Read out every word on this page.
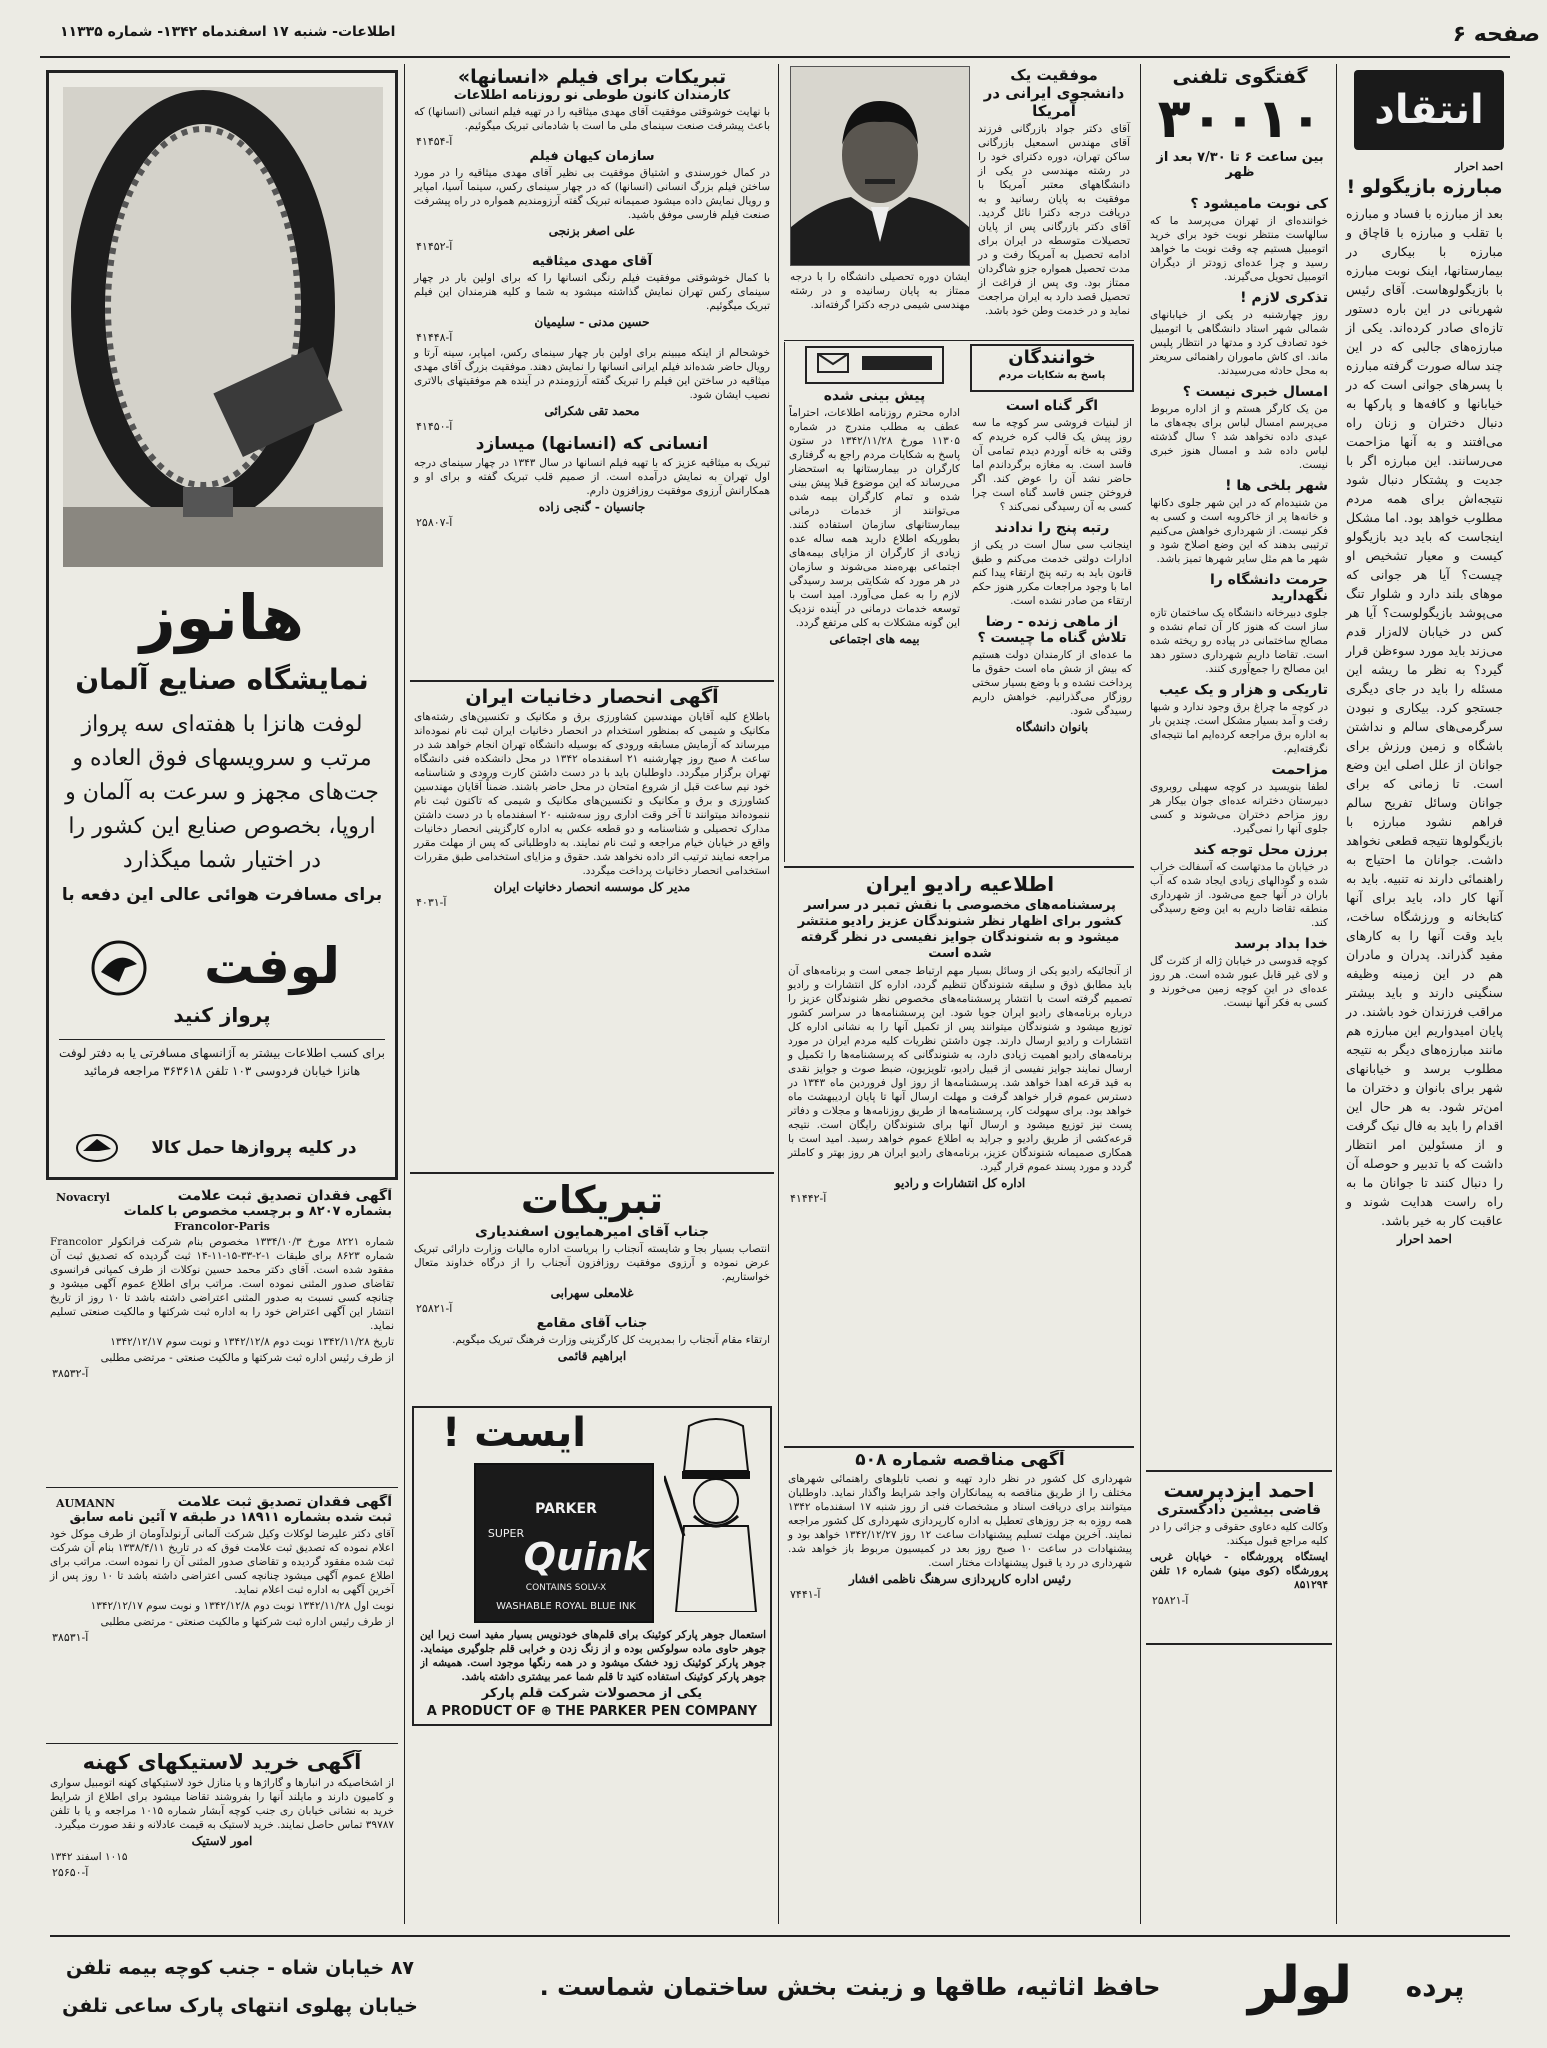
صفحه ۶
اطلاعات- شنبه ۱۷ اسفندماه ۱۳۴۲- شماره ۱۱۳۳۵
انتقاد
احمد احرار
مبارزه بازیگولو !
بعد از مبارزه با فساد و مبارزه با تقلب و مبارزه با قاچاق و مبارزه با بیکاری در بیمارستانها، اینک نوبت مبارزه با بازیگولوهاست. آقای رئیس شهربانی در این باره دستور تازه‌ای صادر کرده‌اند. یکی از مبارزه‌های جالبی که در این چند ساله صورت گرفته مبارزه با پسرهای جوانی است که در خیابانها و کافه‌ها و پارکها به دنبال دختران و زنان راه می‌افتند و به آنها مزاحمت می‌رسانند. این مبارزه اگر با جدیت و پشتکار دنبال شود نتیجه‌اش برای همه مردم مطلوب خواهد بود. اما مشکل اینجاست که باید دید بازیگولو کیست و معیار تشخیص او چیست؟ آیا هر جوانی که موهای بلند دارد و شلوار تنگ می‌پوشد بازیگولوست؟ آیا هر کس در خیابان لاله‌زار قدم می‌زند باید مورد سوءظن قرار گیرد؟ به نظر ما ریشه این مسئله را باید در جای دیگری جستجو کرد. بیکاری و نبودن سرگرمی‌های سالم و نداشتن باشگاه و زمین ورزش برای جوانان از علل اصلی این وضع است. تا زمانی که برای جوانان وسائل تفریح سالم فراهم نشود مبارزه با بازیگولوها نتیجه قطعی نخواهد داشت. جوانان ما احتیاج به راهنمائی دارند نه تنبیه. باید به آنها کار داد، باید برای آنها کتابخانه و ورزشگاه ساخت، باید وقت آنها را به کارهای مفید گذراند. پدران و مادران هم در این زمینه وظیفه سنگینی دارند و باید بیشتر مراقب فرزندان خود باشند. در پایان امیدواریم این مبارزه هم مانند مبارزه‌های دیگر به نتیجه مطلوب برسد و خیابانهای شهر برای بانوان و دختران ما امن‌تر شود. به هر حال این اقدام را باید به فال نیک گرفت و از مسئولین امر انتظار داشت که با تدبیر و حوصله آن را دنبال کنند تا جوانان ما به راه راست هدایت شوند و عاقبت کار به خیر باشد.
احمد احرار
گفتگوی تلفنی
۳۰۰۱۰
بین ساعت ۶ تا ۷/۳۰ بعد از ظهر
کی نوبت مامیشود ؟
خواننده‌ای از تهران می‌پرسد ما که سالهاست منتظر نوبت خود برای خرید اتومبیل هستیم چه وقت نوبت ما خواهد رسید و چرا عده‌ای زودتر از دیگران اتومبیل تحویل می‌گیرند.
تذکری لازم !
روز چهارشنبه در یکی از خیابانهای شمالی شهر استاد دانشگاهی با اتومبیل خود تصادف کرد و مدتها در انتظار پلیس ماند. ای کاش ماموران راهنمائی سریعتر به محل حادثه می‌رسیدند.
امسال خبری نیست ؟
من یک کارگر هستم و از اداره مربوط می‌پرسم امسال لباس برای بچه‌های ما عیدی داده نخواهد شد ؟ سال گذشته لباس داده شد و امسال هنوز خبری نیست.
شهر بلخی ها !
من شنیده‌ام که در این شهر جلوی دکانها و خانه‌ها پر از خاکروبه است و کسی به فکر نیست. از شهرداری خواهش می‌کنیم ترتیبی بدهند که این وضع اصلاح شود و شهر ما هم مثل سایر شهرها تمیز باشد.
حرمت دانشگاه را نگهدارید
جلوی دبیرخانه دانشگاه یک ساختمان تازه ساز است که هنوز کار آن تمام نشده و مصالح ساختمانی در پیاده رو ریخته شده است. تقاضا داریم شهرداری دستور دهد این مصالح را جمع‌آوری کنند.
تاریکی و هزار و یک عیب
در کوچه ما چراغ برق وجود ندارد و شبها رفت و آمد بسیار مشکل است. چندین بار به اداره برق مراجعه کرده‌ایم اما نتیجه‌ای نگرفته‌ایم.
مزاحمت
لطفا بنویسید در کوچه سهیلی روبروی دبیرستان دخترانه عده‌ای جوان بیکار هر روز مزاحم دختران می‌شوند و کسی جلوی آنها را نمی‌گیرد.
برزن محل توجه کند
در خیابان ما مدتهاست که آسفالت خراب شده و گودالهای زیادی ایجاد شده که آب باران در آنها جمع می‌شود. از شهرداری منطقه تقاضا داریم به این وضع رسیدگی کند.
خدا بداد برسد
کوچه قدوسی در خیابان ژاله از کثرت گل و لای غیر قابل عبور شده است. هر روز عده‌ای در این کوچه زمین می‌خورند و کسی به فکر آنها نیست.
احمد ایزدپرست
قاضی بیشین دادگستری
وکالت کلیه دعاوی حقوقی و جزائی را در کلیه مراجع قبول میکند.
ایستگاه پرورشگاه - خیابان غربی پرورشگاه (کوی مینو) شماره ۱۶ تلفن ۸۵۱۲۹۴
آ-۲۵۸۲۱
موفقیت یک دانشجوی ایرانی در آمریکا
آقای دکتر جواد بازرگانی فرزند آقای مهندس اسمعیل بازرگانی ساکن تهران، دوره دکترای خود را در رشته مهندسی در یکی از دانشگاههای معتبر آمریکا با موفقیت به پایان رسانید و به دریافت درجه دکترا نائل گردید. آقای دکتر بازرگانی پس از پایان تحصیلات متوسطه در ایران برای ادامه تحصیل به آمریکا رفت و در مدت تحصیل همواره جزو شاگردان ممتاز بود. وی پس از فراغت از تحصیل قصد دارد به ایران مراجعت نماید و در خدمت وطن خود باشد.
ایشان دوره تحصیلی دانشگاه را با درجه ممتاز به پایان رسانیده و در رشته مهندسی شیمی درجه دکترا گرفته‌اند.
خوانندگان
پاسخ به شکایات مردم
اگر گناه است
از لبنیات فروشی سر کوچه ما سه روز پیش یک قالب کره خریدم که وقتی به خانه آوردم دیدم تمامی آن فاسد است. به مغازه برگرداندم اما حاضر نشد آن را عوض کند. اگر فروختن جنس فاسد گناه است چرا کسی به آن رسیدگی نمی‌کند ؟
رتبه پنج را ندادند
اینجانب سی سال است در یکی از ادارات دولتی خدمت می‌کنم و طبق قانون باید به رتبه پنج ارتقاء پیدا کنم اما با وجود مراجعات مکرر هنوز حکم ارتقاء من صادر نشده است.
از ماهی زنده - رضا تلاش گناه ما چیست ؟
ما عده‌ای از کارمندان دولت هستیم که بیش از شش ماه است حقوق ما پرداخت نشده و با وضع بسیار سختی روزگار می‌گذرانیم. خواهش داریم رسیدگی شود.
بانوان دانشگاه
پیش بینی شده
اداره محترم روزنامه اطلاعات، احتراماً عطف به مطلب مندرج در شماره ۱۱۳۰۵ مورخ ۱۳۴۲/۱۱/۲۸ در ستون پاسخ به شکایات مردم راجع به گرفتاری کارگران در بیمارستانها به استحضار می‌رساند که این موضوع قبلا پیش بینی شده و تمام کارگران بیمه شده می‌توانند از خدمات درمانی بیمارستانهای سازمان استفاده کنند. بطوریکه اطلاع دارید همه ساله عده زیادی از کارگران از مزایای بیمه‌های اجتماعی بهره‌مند می‌شوند و سازمان در هر مورد که شکایتی برسد رسیدگی لازم را به عمل می‌آورد. امید است با توسعه خدمات درمانی در آینده نزدیک این گونه مشکلات به کلی مرتفع گردد.
بیمه های اجتماعی
اطلاعیه رادیو ایران
پرسشنامه‌های مخصوصی با نقش تمبر در سراسر کشور برای اظهار نظر شنوندگان عزیز رادیو منتشر میشود و به شنوندگان جوایز نفیسی در نظر گرفته شده است
از آنجائیکه رادیو یکی از وسائل بسیار مهم ارتباط جمعی است و برنامه‌های آن باید مطابق ذوق و سلیقه شنوندگان تنظیم گردد، اداره کل انتشارات و رادیو تصمیم گرفته است با انتشار پرسشنامه‌های مخصوص نظر شنوندگان عزیز را درباره برنامه‌های رادیو ایران جویا شود. این پرسشنامه‌ها در سراسر کشور توزیع میشود و شنوندگان میتوانند پس از تکمیل آنها را به نشانی اداره کل انتشارات و رادیو ارسال دارند. چون داشتن نظریات کلیه مردم ایران در مورد برنامه‌های رادیو اهمیت زیادی دارد، به شنوندگانی که پرسشنامه‌ها را تکمیل و ارسال نمایند جوایز نفیسی از قبیل رادیو، تلویزیون، ضبط صوت و جوایز نقدی به قید قرعه اهدا خواهد شد. پرسشنامه‌ها از روز اول فروردین ماه ۱۳۴۳ در دسترس عموم قرار خواهد گرفت و مهلت ارسال آنها تا پایان اردیبهشت ماه خواهد بود. برای سهولت کار، پرسشنامه‌ها از طریق روزنامه‌ها و مجلات و دفاتر پست نیز توزیع میشود و ارسال آنها برای شنوندگان رایگان است. نتیجه قرعه‌کشی از طریق رادیو و جراید به اطلاع عموم خواهد رسید. امید است با همکاری صمیمانه شنوندگان عزیز، برنامه‌های رادیو ایران هر روز بهتر و کاملتر گردد و مورد پسند عموم قرار گیرد.
اداره کل انتشارات و رادیو
آ-۴۱۴۴۲
آگهی مناقصه شماره ۵۰۸
شهرداری کل کشور در نظر دارد تهیه و نصب تابلوهای راهنمائی شهرهای مختلف را از طریق مناقصه به پیمانکاران واجد شرایط واگذار نماید. داوطلبان میتوانند برای دریافت اسناد و مشخصات فنی از روز شنبه ۱۷ اسفندماه ۱۳۴۲ همه روزه به جز روزهای تعطیل به اداره کارپردازی شهرداری کل کشور مراجعه نمایند. آخرین مهلت تسلیم پیشنهادات ساعت ۱۲ روز ۱۳۴۲/۱۲/۲۷ خواهد بود و پیشنهادات در ساعت ۱۰ صبح روز بعد در کمیسیون مربوط باز خواهد شد. شهرداری در رد یا قبول پیشنهادات مختار است.
رئیس اداره کارپردازی سرهنگ ناظمی افشار
آ-۷۴۴۱
تبریکات برای فیلم «انسانها»
کارمندان کانون طوطی نو روزنامه اطلاعات
با نهایت خوشوقتی موفقیت آقای مهدی میثاقیه را در تهیه فیلم انسانی (انسانها) که باعث پیشرفت صنعت سینمای ملی ما است با شادمانی تبریک میگوئیم.
آ-۴۱۴۵۴
سازمان کیهان فیلم
در کمال خورسندی و اشتیاق موفقیت بی نظیر آقای مهدی میثاقیه را در مورد ساختن فیلم بزرگ انسانی (انسانها) که در چهار سینمای رکس، سینما آسیا، امپایر و رویال نمایش داده میشود صمیمانه تبریک گفته آرزومندیم همواره در راه پیشرفت صنعت فیلم فارسی موفق باشید.
علی اصغر بزنجی
آ-۴۱۴۵۲
آقای مهدی میثاقیه
با کمال خوشوقتی موفقیت فیلم رنگی انسانها را که برای اولین بار در چهار سینمای رکس تهران نمایش گذاشته میشود به شما و کلیه هنرمندان این فیلم تبریک میگوئیم.
حسین مدنی - سلیمیان
آ-۴۱۴۴۸
خوشحالم از اینکه میبینم برای اولین بار چهار سینمای رکس، امپایر، سینه آرتا و رویال حاضر شده‌اند فیلم ایرانی انسانها را نمایش دهند. موفقیت بزرگ آقای مهدی میثاقیه در ساختن این فیلم را تبریک گفته آرزومندم در آینده هم موفقیتهای بالاتری نصیب ایشان شود.
محمد تقی شکرائی
آ-۴۱۴۵۰
انسانی که (انسانها) میسازد
تبریک به میثاقیه عزیز که با تهیه فیلم انسانها در سال ۱۳۴۳ در چهار سینمای درجه اول تهران به نمایش درآمده است. از صمیم قلب تبریک گفته و برای او و همکارانش آرزوی موفقیت روزافزون دارم.
جانسیان - گنجی زاده
آ-۲۵۸۰۷
آگهی انحصار دخانیات ایران
باطلاع کلیه آقایان مهندسین کشاورزی برق و مکانیک و تکنسین‌های رشته‌های مکانیک و شیمی که بمنظور استخدام در انحصار دخانیات ایران ثبت نام نموده‌اند میرساند که آزمایش مسابقه ورودی که بوسیله دانشگاه تهران انجام خواهد شد در ساعت ۸ صبح روز چهارشنبه ۲۱ اسفندماه ۱۳۴۲ در محل دانشکده فنی دانشگاه تهران برگزار میگردد. داوطلبان باید با در دست داشتن کارت ورودی و شناسنامه خود نیم ساعت قبل از شروع امتحان در محل حاضر باشند. ضمناً آقایان مهندسین کشاورزی و برق و مکانیک و تکنسین‌های مکانیک و شیمی که تاکنون ثبت نام ننموده‌اند میتوانند تا آخر وقت اداری روز سه‌شنبه ۲۰ اسفندماه با در دست داشتن مدارک تحصیلی و شناسنامه و دو قطعه عکس به اداره کارگزینی انحصار دخانیات واقع در خیابان خیام مراجعه و ثبت نام نمایند. به داوطلبانی که پس از مهلت مقرر مراجعه نمایند ترتیب اثر داده نخواهد شد. حقوق و مزایای استخدامی طبق مقررات استخدامی انحصار دخانیات پرداخت میگردد.
مدیر کل موسسه انحصار دخانیات ایران
آ-۴۰۳۱
تبریکات
جناب آقای امیرهمایون اسفندیاری
انتصاب بسیار بجا و شایسته آنجناب را بریاست اداره مالیات وزارت دارائی تبریک عرض نموده و آرزوی موفقیت روزافزون آنجناب را از درگاه خداوند متعال خواستاریم.
غلامعلی سهرابی
آ-۲۵۸۲۱
جناب آقای مقامع
ارتقاء مقام آنجناب را بمدیریت کل کارگزینی وزارت فرهنگ تبریک میگویم.
ابراهیم قائمی
ایست !
PARKER
SUPER
Quink
CONTAINS SOLV-X
WASHABLE ROYAL BLUE INK
استعمال جوهر پارکر کوئینک برای قلم‌های خودنویس بسیار مفید است زیرا این جوهر حاوی ماده سولوکس بوده و از زنگ زدن و خرابی قلم جلوگیری مینماید. جوهر پارکر کوئینک زود خشک میشود و در همه رنگها موجود است. همیشه از جوهر پارکر کوئینک استفاده کنید تا قلم شما عمر بیشتری داشته باشد.
یکی از محصولات شرکت قلم پارکر
A PRODUCT OF ⊕ THE PARKER PEN COMPANY
هانوز
نمایشگاه صنایع آلمان
لوفت هانزا با هفته‌ای سه پرواز مرتب و سرویسهای فوق العاده و جت‌های مجهز و سرعت به آلمان و اروپا، بخصوص صنایع این کشور را در اختیار شما میگذارد
برای مسافرت هوائی عالی این دفعه با
لوفت
پرواز کنید
برای کسب اطلاعات بیشتر به آژانسهای مسافرتی یا به دفتر لوفت هانزا خیابان فردوسی ۱۰۳ تلفن ۳۶۳۶۱۸ مراجعه فرمائید
در کلیه پروازها حمل کالا
آگهی فقدان تصدیق ثبت علامت
Novacryl
بشماره ۸۲۰۷ و برچسب مخصوص با کلمات
Francolor-Paris
شماره ۸۲۲۱ مورخ ۱۳۳۴/۱۰/۳ مخصوص بنام شرکت فرانکولر Francolor شماره ۸۶۲۳ برای طبقات ۱-۲-۳۳-۱۵-۱۱-۱۴ ثبت گردیده که تصدیق ثبت آن مفقود شده است. آقای دکتر محمد حسین نوکلات از طرف کمپانی فرانسوی تقاضای صدور المثنی نموده است. مراتب برای اطلاع عموم آگهی میشود و چنانچه کسی نسبت به صدور المثنی اعتراضی داشته باشد تا ۱۰ روز از تاریخ انتشار این آگهی اعتراض خود را به اداره ثبت شرکتها و مالکیت صنعتی تسلیم نماید.
تاریخ ۱۳۴۲/۱۱/۲۸ نوبت دوم ۱۳۴۲/۱۲/۸ و نوبت سوم ۱۳۴۲/۱۲/۱۷
از طرف رئیس اداره ثبت شرکتها و مالکیت صنعتی - مرتضی مطلبی
آ-۳۸۵۳۲
آگهی فقدان تصدیق ثبت علامت
AUMANN
ثبت شده بشماره ۱۸۹۱۱ در طبقه ۷ آئین نامه سابق
آقای دکتر علیرضا لوکلات وکیل شرکت آلمانی آرنولدآومان از طرف موکل خود اعلام نموده که تصدیق ثبت علامت فوق که در تاریخ ۱۳۳۸/۴/۱۱ بنام آن شرکت ثبت شده مفقود گردیده و تقاضای صدور المثنی آن را نموده است. مراتب برای اطلاع عموم آگهی میشود چنانچه کسی اعتراضی داشته باشد تا ۱۰ روز پس از آخرین آگهی به اداره ثبت اعلام نماید.
نوبت اول ۱۳۴۲/۱۱/۲۸ نوبت دوم ۱۳۴۲/۱۲/۸ و نوبت سوم ۱۳۴۲/۱۲/۱۷
از طرف رئیس اداره ثبت شرکتها و مالکیت صنعتی - مرتضی مطلبی
آ-۳۸۵۳۱
آگهی خرید لاستیکهای کهنه
از اشخاصیکه در انبارها و گاراژها و یا منازل خود لاستیکهای کهنه اتومبیل سواری و کامیون دارند و مایلند آنها را بفروشند تقاضا میشود برای اطلاع از شرایط خرید به نشانی خیابان ری جنب کوچه آبشار شماره ۱۰۱۵ مراجعه و یا با تلفن ۳۹۷۸۷ تماس حاصل نمایند. خرید لاستیک به قیمت عادلانه و نقد صورت میگیرد.
امور لاستیک
۱۰۱۵ اسفند ۱۳۴۲
آ-۲۵۶۵۰
پرده
لولر
حافظ اثاثیه، طاقها و زینت بخش ساختمان شماست .
۸۷ خیابان شاه - جنب کوچه بیمه تلفن
خیابان پهلوی انتهای پارک ساعی تلفن
